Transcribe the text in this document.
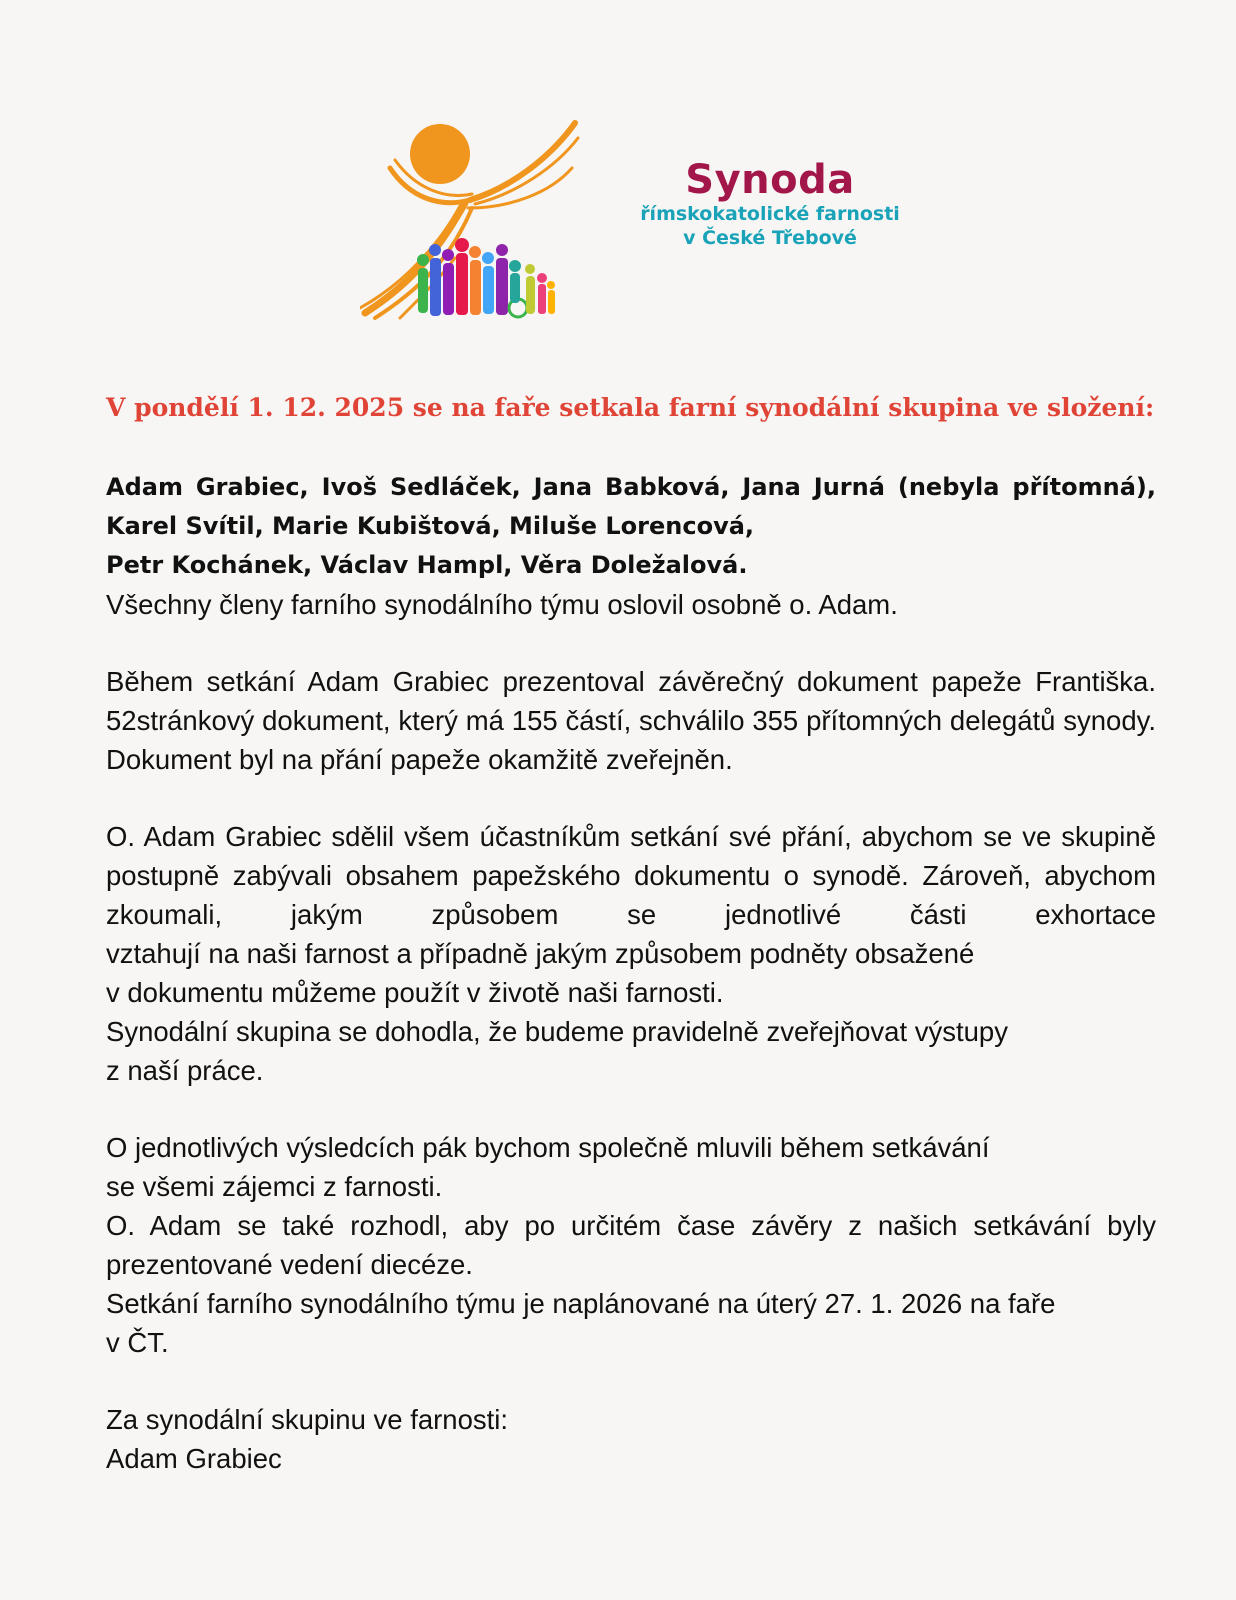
Synoda
římskokatolické farnosti
v České Třebové
V pondělí 1. 12. 2025 se na faře setkala farní synodální skupina ve složení:

Adam Grabiec, Ivoš Sedláček, Jana Babková, Jana Jurná (nebyla přítomná), Karel Svítil, Marie Kubištová, Miluše Lorencová,

Petr Kochánek, Václav Hampl, Věra Doležalová.

Všechny členy farního synodálního týmu oslovil osobně o. Adam.

Během setkání Adam Grabiec prezentoval závěrečný dokument papeže Františka. 52stránkový dokument, který má 155 částí, schválilo 355 přítomných delegátů synody. Dokument byl na přání papeže okamžitě zveřejněn.

O. Adam Grabiec sdělil všem účastníkům setkání své přání, abychom se ve skupině postupně zabývali obsahem papežského dokumentu o synodě. Zároveň, abychom zkoumali, jakým způsobem se jednotlivé části exhortace

vztahují na naši farnost a případně jakým způsobem podněty obsažené

v dokumentu můžeme použít v životě naši farnosti.

Synodální skupina se dohodla, že budeme pravidelně zveřejňovat výstupy

z naší práce.

O jednotlivých výsledcích pák bychom společně mluvili během setkávání

se všemi zájemci z farnosti.

O. Adam se také rozhodl, aby po určitém čase závěry z našich setkávání byly prezentované vedení diecéze.

Setkání farního synodálního týmu je naplánované na úterý 27. 1. 2026 na faře

v ČT.

Za synodální skupinu ve farnosti:
Adam Grabiec
